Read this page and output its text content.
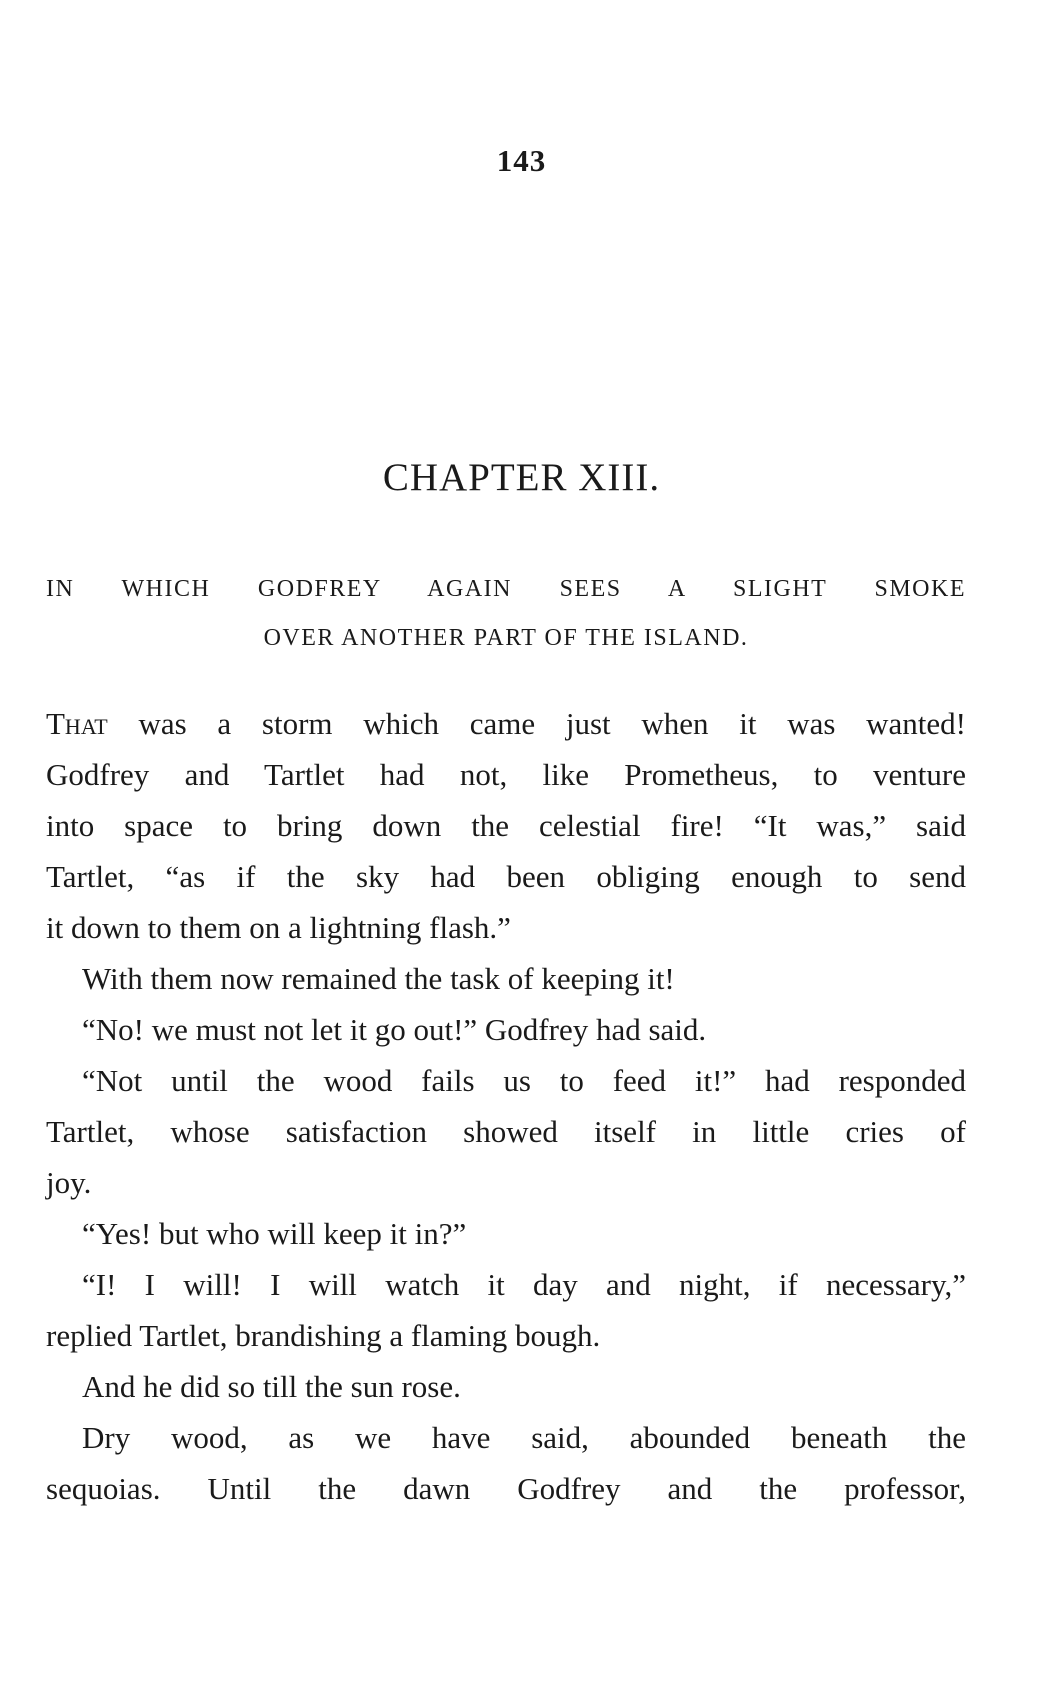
143
CHAPTER XIII.
IN WHICH GODFREY AGAIN SEES A SLIGHT SMOKE
OVER ANOTHER PART OF THE ISLAND.
That was a storm which came just when it was wanted!
Godfrey and Tartlet had not, like Prometheus, to venture
into space to bring down the celestial fire! “It was,” said
Tartlet, “as if the sky had been obliging enough to send
it down to them on a lightning flash.”
With them now remained the task of keeping it!
“No! we must not let it go out!” Godfrey had said.
“Not until the wood fails us to feed it!” had responded
Tartlet, whose satisfaction showed itself in little cries of
joy.
“Yes! but who will keep it in?”
“I! I will! I will watch it day and night, if necessary,”
replied Tartlet, brandishing a flaming bough.
And he did so till the sun rose.
Dry wood, as we have said, abounded beneath the
sequoias. Until the dawn Godfrey and the professor,
